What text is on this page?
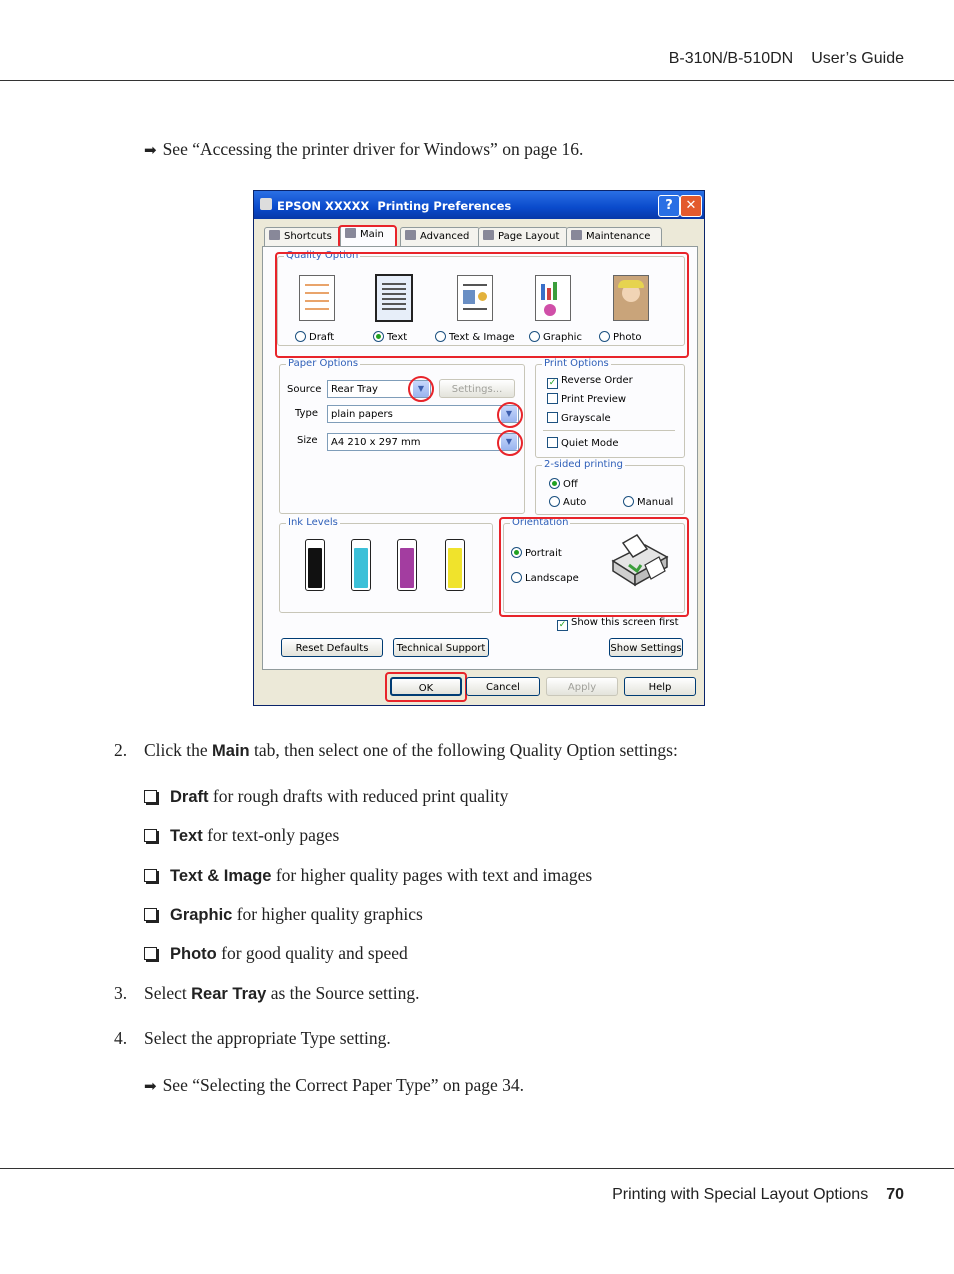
B-310N/B-510DN User’s Guide
➡ See “Accessing the printer driver for Windows” on page 16.
EPSON XXXXX Printing Preferences	? ✕
Shortcuts	Main	Advanced	Page Layout	Maintenance
Quality Option
Draft	Text	Text & Image	Graphic	Photo
Paper Options
Source Rear Tray	▼	Settings...
Type	plain papers	▼
Size	A4 210 x 297 mm	▼
Print Options
✓ Reverse Order
Print Preview
Grayscale
Quiet Mode
2-sided printing
Off
Auto	Manual
Ink Levels	Orientation
Portrait
Landscape
✓ Show this screen first
Reset Defaults	Technical Support	Show Settings
OK	Cancel	Apply	Help
2. Click the Main tab, then select one of the following Quality Option settings:
Draft for rough drafts with reduced print quality
Text for text-only pages
Text & Image for higher quality pages with text and images
Graphic for higher quality graphics
Photo for good quality and speed
3. Select Rear Tray as the Source setting.
4. Select the appropriate Type setting.
➡ See “Selecting the Correct Paper Type” on page 34.
Printing with Special Layout Options 70
